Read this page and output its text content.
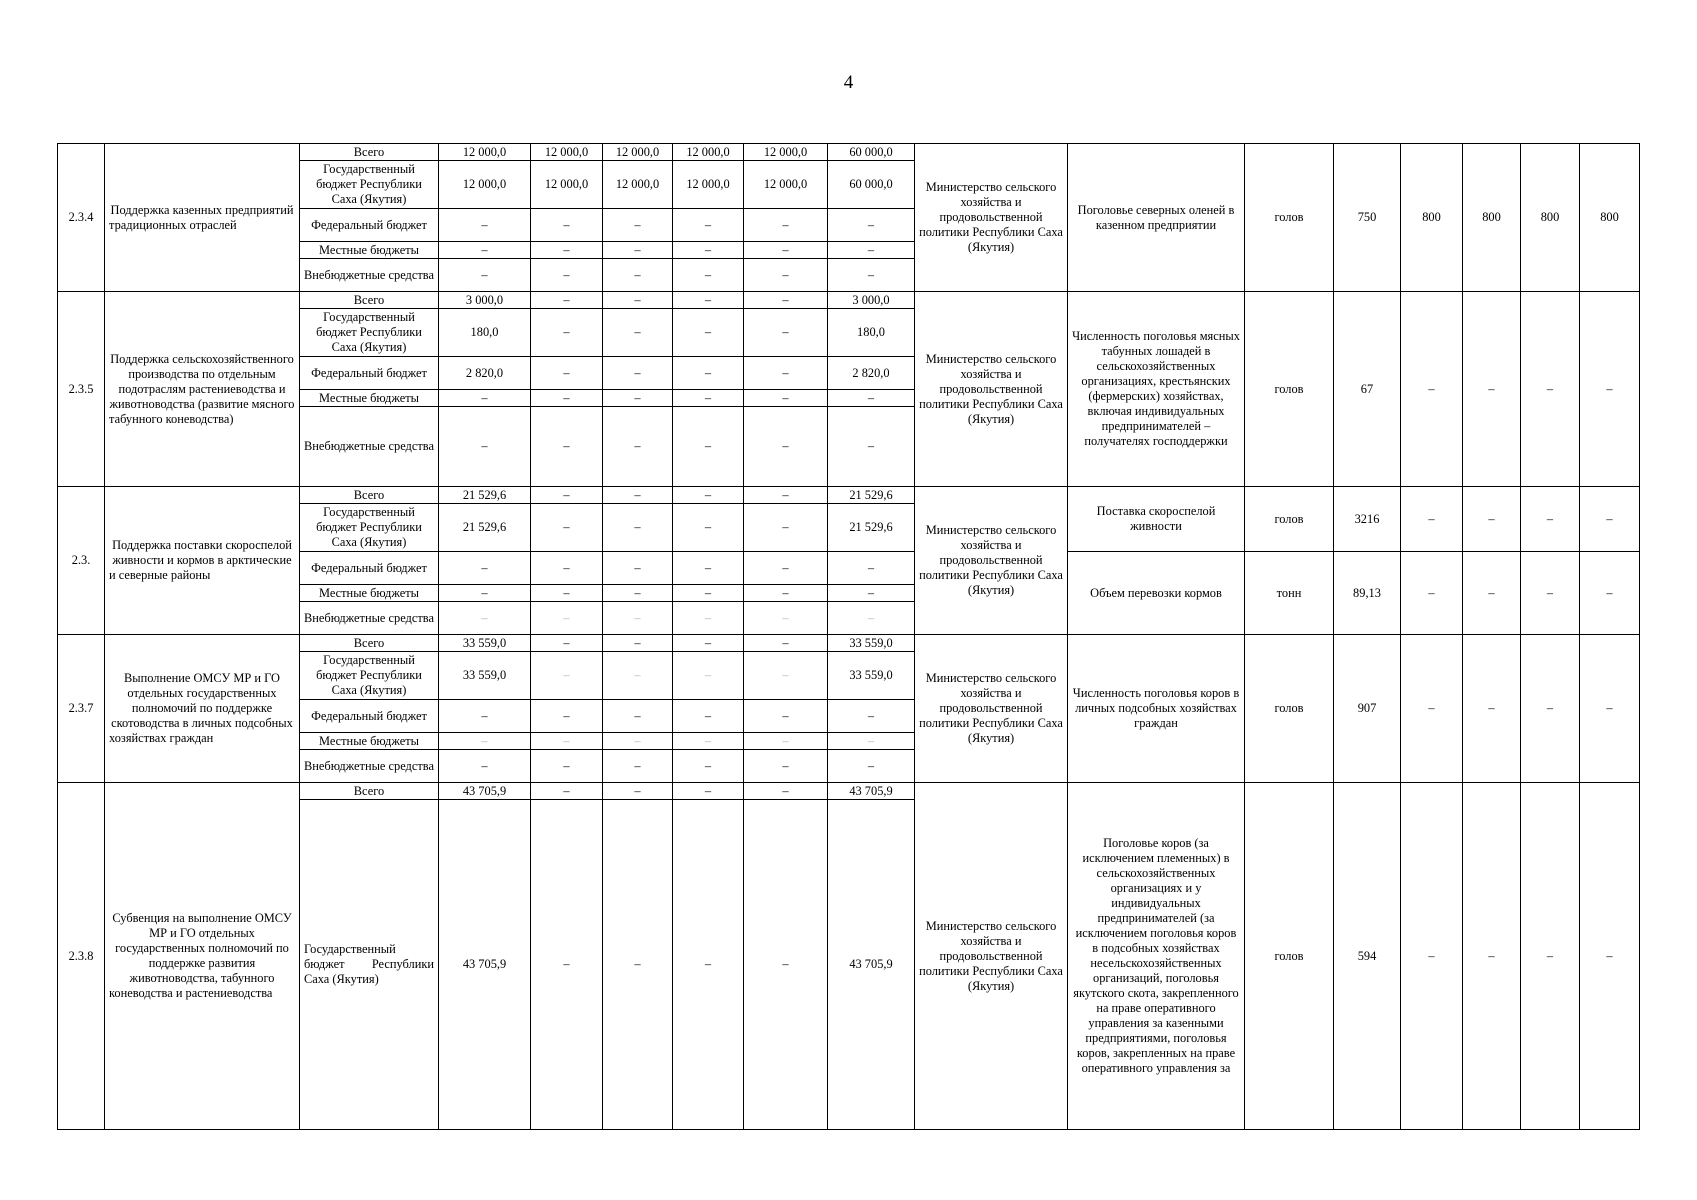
4
2.3.4	Поддержка казенных предприятий традиционных отраслей	Всего	12 000,0	12 000,0	12 000,0	12 000,0	12 000,0	60 000,0	Министерство сельского хозяйства и продовольственной политики Республики Саха (Якутия)	Поголовье северных оленей в казенном предприятии	голов	750	800	800	800	800
		Государственный бюджет Республики Саха (Якутия)	12 000,0	12 000,0	12 000,0	12 000,0	12 000,0	60 000,0								
		Федеральный бюджет	–	–	–	–	–	–								
		Местные бюджеты	–	–	–	–	–	–								
		Внебюджетные средства	–	–	–	–	–	–								
2.3.5	Поддержка сельскохозяйственного производства по отдельным подотраслям растениеводства и животноводства (развитие мясного табунного коневодства)	Всего	3 000,0	–	–	–	–	3 000,0	Министерство сельского хозяйства и продовольственной политики Республики Саха (Якутия)	Численность поголовья мясных табунных лошадей в сельскохозяйственных организациях, крестьянских (фермерских) хозяйствах, включая индивидуальных предпринимателей – получателях господдержки	голов	67	–	–	–	–
		Государственный бюджет Республики Саха (Якутия)	180,0	–	–	–	–	180,0								
		Федеральный бюджет	2 820,0	–	–	–	–	2 820,0								
		Местные бюджеты	–	–	–	–	–	–								
		Внебюджетные средства	–	–	–	–	–	–								
2.3.	Поддержка поставки скороспелой живности и кормов в арктические и северные районы	Всего	21 529,6	–	–	–	–	21 529,6	Министерство сельского хозяйства и продовольственной политики Республики Саха (Якутия)	Поставка скороспелой живности	голов	3216	–	–	–	–
		Государственный бюджет Республики Саха (Якутия)	21 529,6	–	–	–	–	21 529,6								
		Федеральный бюджет	–	–	–	–	–	–		Объем перевозки кормов	тонн	89,13	–	–	–	–
		Местные бюджеты	–	–	–	–	–	–								
		Внебюджетные средства	–	–	–	–	–	–								
2.3.7	Выполнение ОМСУ МР и ГО отдельных государственных полномочий по поддержке скотоводства в личных подсобных хозяйствах граждан	Всего	33 559,0	–	–	–	–	33 559,0	Министерство сельского хозяйства и продовольственной политики Республики Саха (Якутия)	Численность поголовья коров в личных подсобных хозяйствах граждан	голов	907	–	–	–	–
		Государственный бюджет Республики Саха (Якутия)	33 559,0	–	–	–	–	33 559,0								
		Федеральный бюджет	–	–	–	–	–	–								
		Местные бюджеты	–	–	–	–	–	–								
		Внебюджетные средства	–	–	–	–	–	–								
2.3.8	Субвенция на выполнение ОМСУ МР и ГО отдельных государственных полномочий по поддержке развития животноводства, табунного коневодства и растениеводства	Всего	43 705,9	–	–	–	–	43 705,9	Министерство сельского хозяйства и продовольственной политики Республики Саха (Якутия)	Поголовье коров (за исключением племенных) в сельскохозяйственных организациях и у индивидуальных предпринимателей (за исключением поголовья коров в подсобных хозяйствах несельскохозяйственных организаций, поголовья якутского скота, закрепленного на праве оперативного управления за казенными предприятиями, поголовья коров, закрепленных на праве оперативного управления за	голов	594	–	–	–	–
		Государственный бюджет Республики Саха (Якутия)	43 705,9	–	–	–	–	43 705,9								
